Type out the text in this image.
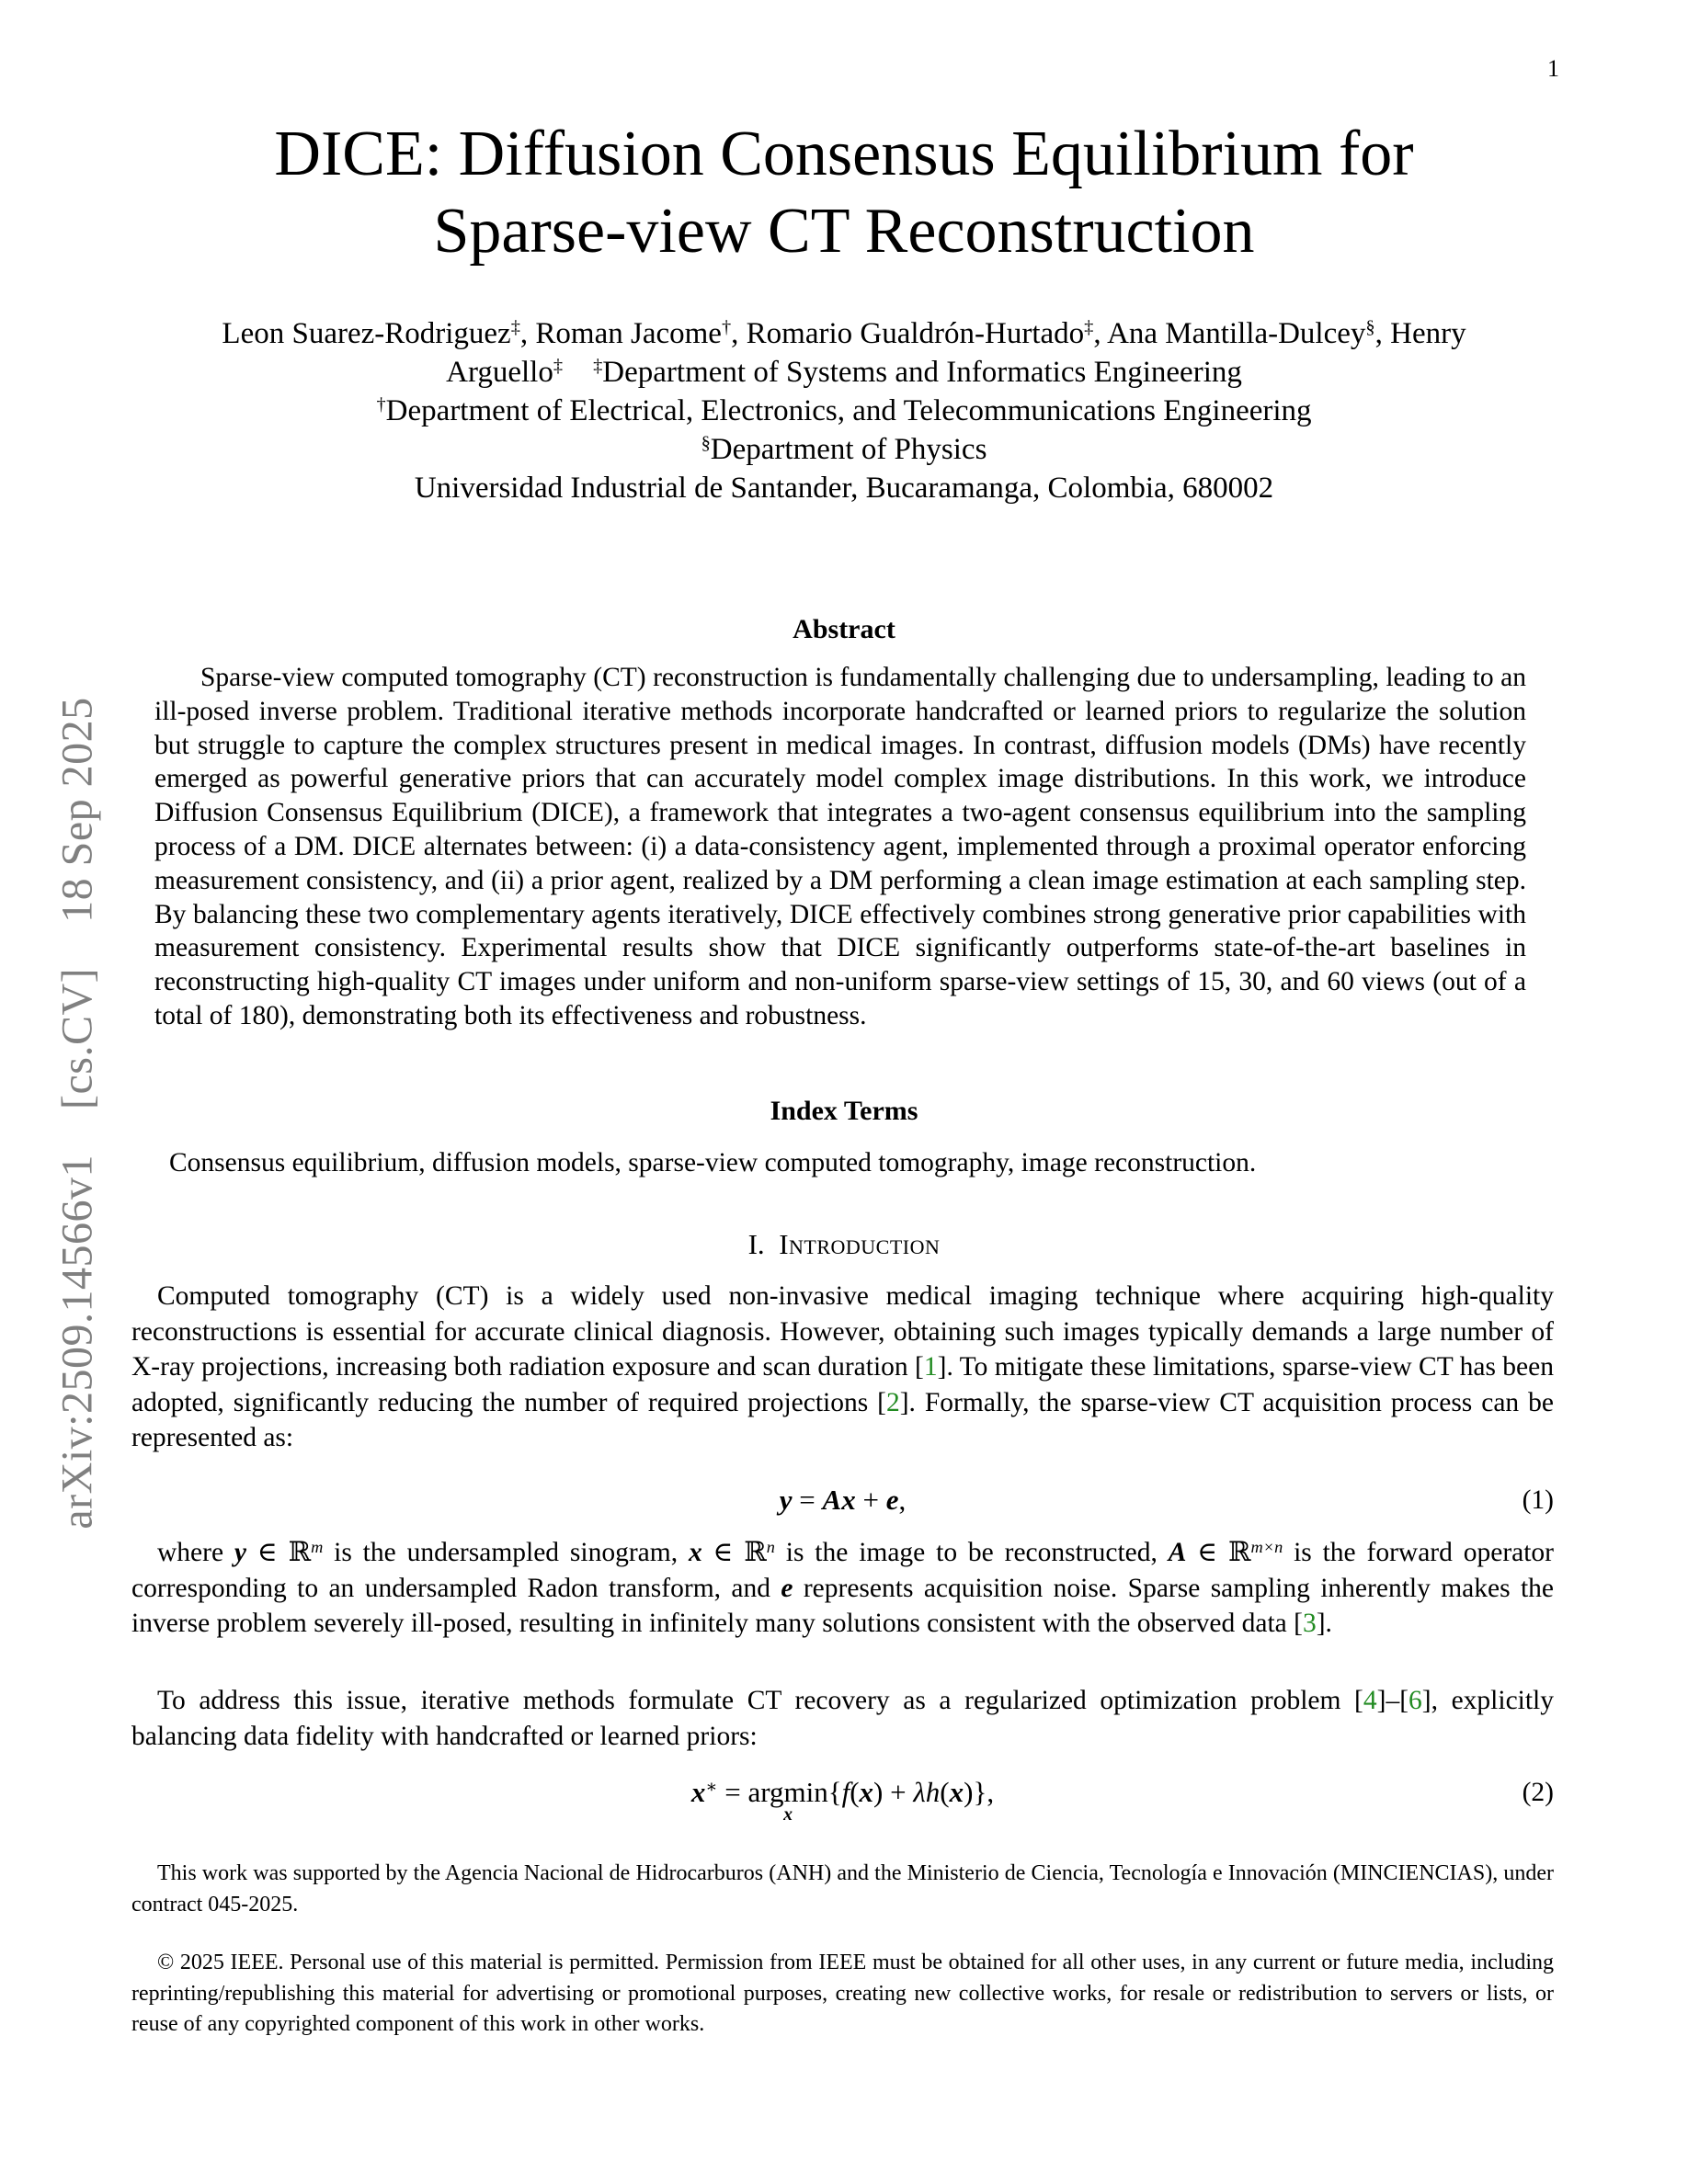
1
arXiv:2509.14566v1  [cs.CV]  18 Sep 2025
DICE: Diffusion Consensus Equilibrium for
Sparse-view CT Reconstruction
Leon Suarez-Rodriguez‡, Roman Jacome†, Romario Gualdrón-Hurtado‡, Ana Mantilla-Dulcey§, Henry
Arguello‡  ‡Department of Systems and Informatics Engineering
†Department of Electrical, Electronics, and Telecommunications Engineering
§Department of Physics
Universidad Industrial de Santander, Bucaramanga, Colombia, 680002
Abstract
Sparse-view computed tomography (CT) reconstruction is fundamentally challenging due to undersampling, leading to an ill-posed inverse problem. Traditional iterative methods incorporate handcrafted or learned priors to regularize the solution but struggle to capture the complex structures present in medical images. In contrast, diffusion models (DMs) have recently emerged as powerful generative priors that can accurately model complex image distributions. In this work, we introduce Diffusion Consensus Equilibrium (DICE), a framework that integrates a two-agent consensus equilibrium into the sampling process of a DM. DICE alternates between: (i) a data-consistency agent, implemented through a proximal operator enforcing measurement consistency, and (ii) a prior agent, realized by a DM performing a clean image estimation at each sampling step. By balancing these two complementary agents iteratively, DICE effectively combines strong generative prior capabilities with measurement consistency. Experimental results show that DICE significantly outperforms state-of-the-art baselines in reconstructing high-quality CT images under uniform and non-uniform sparse-view settings of 15, 30, and 60 views (out of a total of 180), demonstrating both its effectiveness and robustness.
Index Terms
Consensus equilibrium, diffusion models, sparse-view computed tomography, image reconstruction.
I. Introduction
Computed tomography (CT) is a widely used non-invasive medical imaging technique where acquiring high-quality reconstructions is essential for accurate clinical diagnosis. However, obtaining such images typically demands a large number of X-ray projections, increasing both radiation exposure and scan duration [1]. To mitigate these limitations, sparse-view CT has been adopted, significantly reducing the number of required projections [2]. Formally, the sparse-view CT acquisition process can be represented as:
y = Ax + e,	(1)
where y ∈ ℝ$^m$ is the undersampled sinogram, x ∈ ℝ$^n$ is the image to be reconstructed, A ∈ ℝ$^{m\times n}$ is the forward operator corresponding to an undersampled Radon transform, and e represents acquisition noise. Sparse sampling inherently makes the inverse problem severely ill-posed, resulting in infinitely many solutions consistent with the observed data [3].
To address this issue, iterative methods formulate CT recovery as a regularized optimization problem [4]–[6], explicitly balancing data fidelity with handcrafted or learned priors:
x∗ = argmin
x
{f(x) + λh(x)},	(2)
This work was supported by the Agencia Nacional de Hidrocarburos (ANH) and the Ministerio de Ciencia, Tecnología e Innovación (MINCIENCIAS), under contract 045-2025.
© 2025 IEEE. Personal use of this material is permitted. Permission from IEEE must be obtained for all other uses, in any current or future media, including reprinting/republishing this material for advertising or promotional purposes, creating new collective works, for resale or redistribution to servers or lists, or reuse of any copyrighted component of this work in other works.
